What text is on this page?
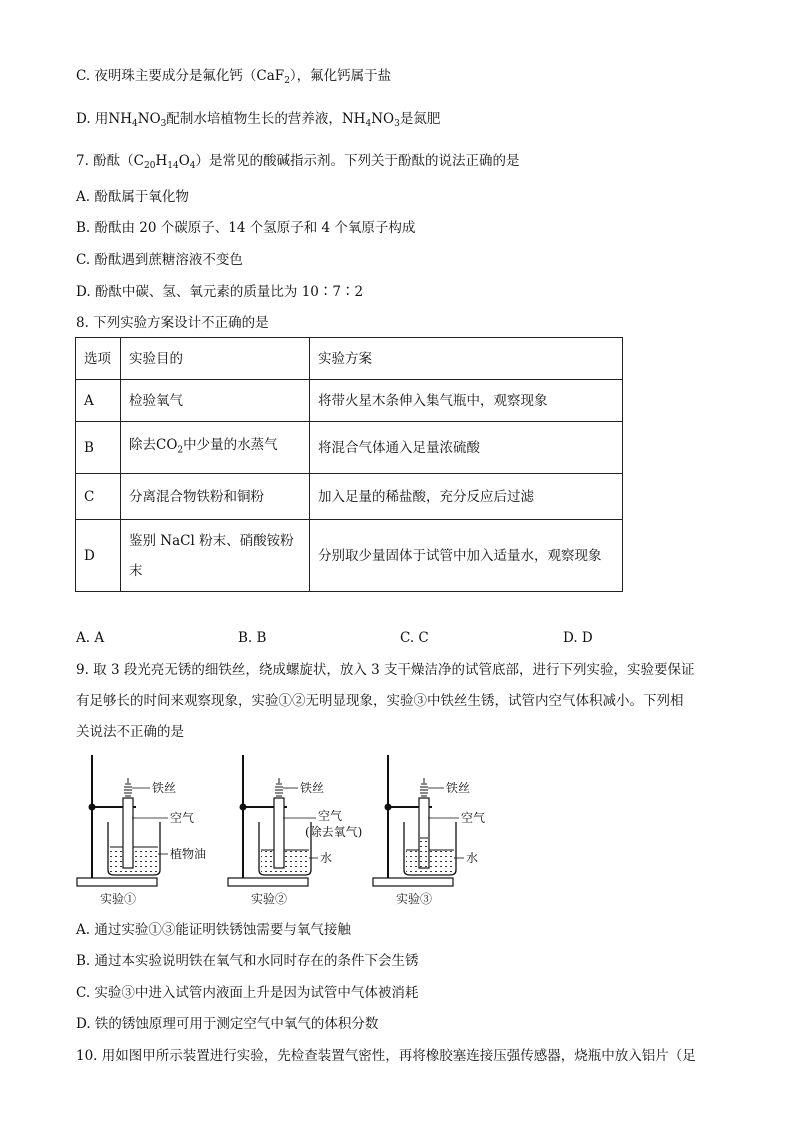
C. 夜明珠主要成分是氟化钙（CaF$_2$），氟化钙属于盐
D. 用$NH_4NO_3$配制水培植物生长的营养液，$NH_4NO_3$是氮肥
7. 酚酞$(C_{20}H_{14}O_4)$是常见的酸碱指示剂。下列关于酚酞的说法正确的是
A. 酚酞属于氧化物
B. 酚酞由 20 个碳原子、14 个氢原子和 4 个氧原子构成
C. 酚酞遇到蔗糖溶液不变色
D. 酚酞中碳、氢、氧元素的质量比为 10∶7∶2
8. 下列实验方案设计不正确的是
选项	实验目的	实验方案
A	检验氧气	将带火星木条伸入集气瓶中，观察现象
B	除去$CO_2$中少量的水蒸气	将混合气体通入足量浓硫酸
C	分离混合物铁粉和铜粉	加入足量的稀盐酸，充分反应后过滤
D	鉴别 NaCl 粉末、硝酸铵粉末	分别取少量固体于试管中加入适量水，观察现象
A. A	B. B	C. C	D. D
9. 取 3 段光亮无锈的细铁丝，绕成螺旋状，放入 3 支干燥洁净的试管底部，进行下列实验，实验要保证
有足够长的时间来观察现象，实验①②无明显现象，实验③中铁丝生锈，试管内空气体积减小。下列相
关说法不正确的是
铁丝
空气
植物油
实验①
铁丝
空气
(除去氧气)
水
实验②
铁丝
空气
水
实验③
A. 通过实验①③能证明铁锈蚀需要与氧气接触
B. 通过本实验说明铁在氧气和水同时存在的条件下会生锈
C. 实验③中进入试管内液面上升是因为试管中气体被消耗
D. 铁的锈蚀原理可用于测定空气中氧气的体积分数
10. 用如图甲所示装置进行实验，先检查装置气密性，再将橡胶塞连接压强传感器，烧瓶中放入铝片（足
